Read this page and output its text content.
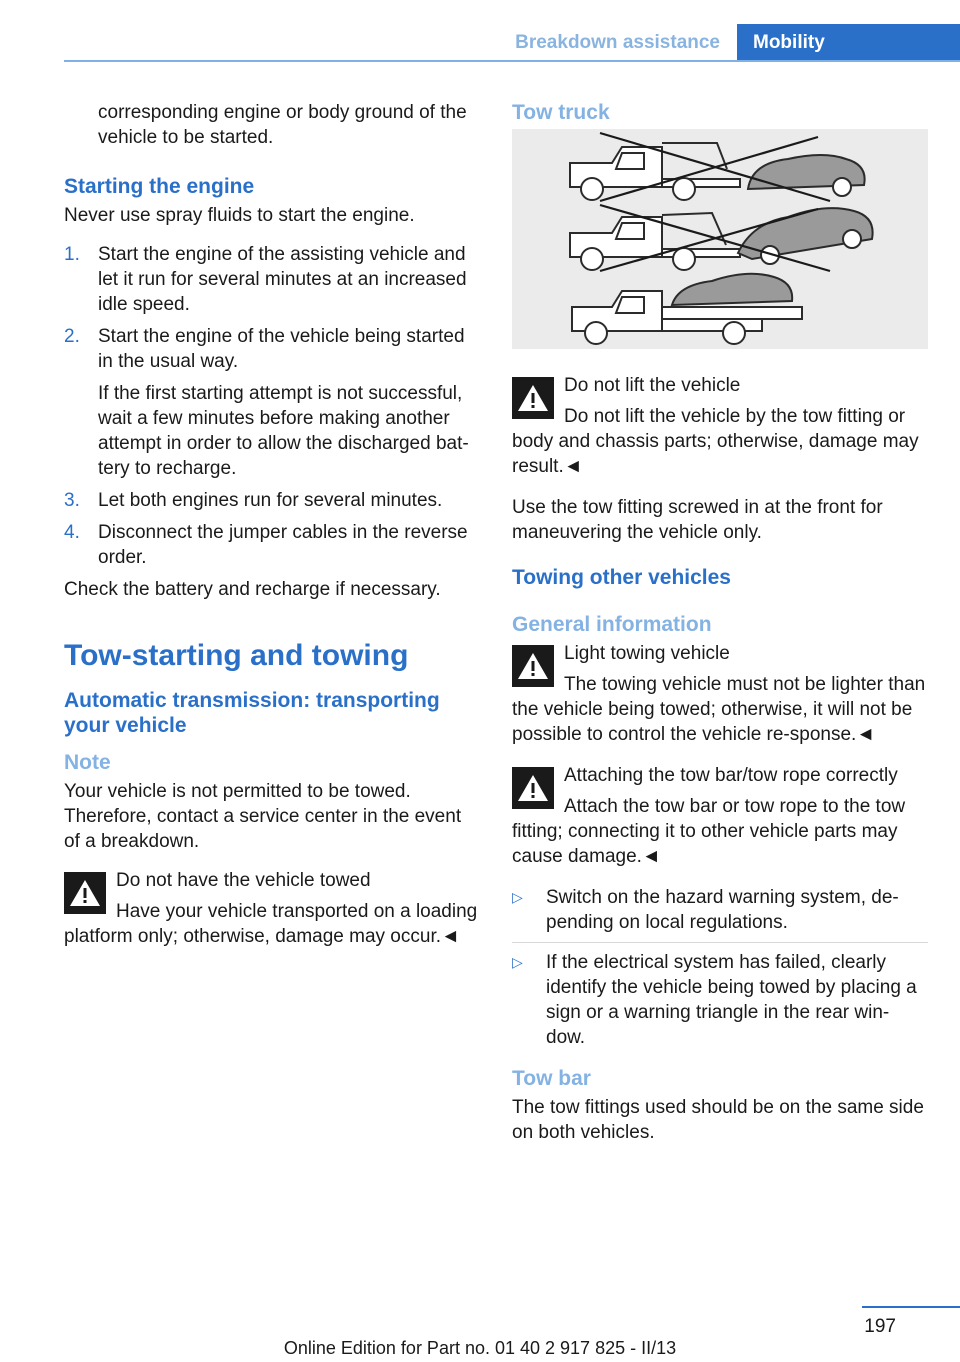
Breakdown assistance	Mobility

corresponding engine or body ground of the vehicle to be started.

Starting the engine

Never use spray fluids to start the engine.

1. Start the engine of the assisting vehicle and let it run for several minutes at an increased idle speed.
2. Start the engine of the vehicle being started in the usual way.
If the first starting attempt is not successful, wait a few minutes before making another attempt in order to allow the discharged bat‐tery to recharge.
3. Let both engines run for several minutes.
4. Disconnect the jumper cables in the reverse order.

Check the battery and recharge if necessary.

Tow-starting and towing
Automatic transmission: transporting your vehicle
Note

Your vehicle is not permitted to be towed. Therefore, contact a service center in the event of a breakdown.

Do not have the vehicle towed
Have your vehicle transported on a loading platform only; otherwise, damage may occur.◄
Tow truck
Do not lift the vehicle
Do not lift the vehicle by the tow fitting or body and chassis parts; otherwise, damage may result.◄

Use the tow fitting screwed in at the front for maneuvering the vehicle only.

Towing other vehicles
General information
Light towing vehicle
The towing vehicle must not be lighter than the vehicle being towed; otherwise, it will not be possible to control the vehicle re‐sponse.◄
Attaching the tow bar/tow rope correctly
Attach the tow bar or tow rope to the tow fitting; connecting it to other vehicle parts may cause damage.◄
▷ Switch on the hazard warning system, de‐pending on local regulations.
▷ If the electrical system has failed, clearly identify the vehicle being towed by placing a sign or a warning triangle in the rear win‐dow.
Tow bar

The tow fittings used should be on the same side on both vehicles.

197
Online Edition for Part no. 01 40 2 917 825 - II/13
